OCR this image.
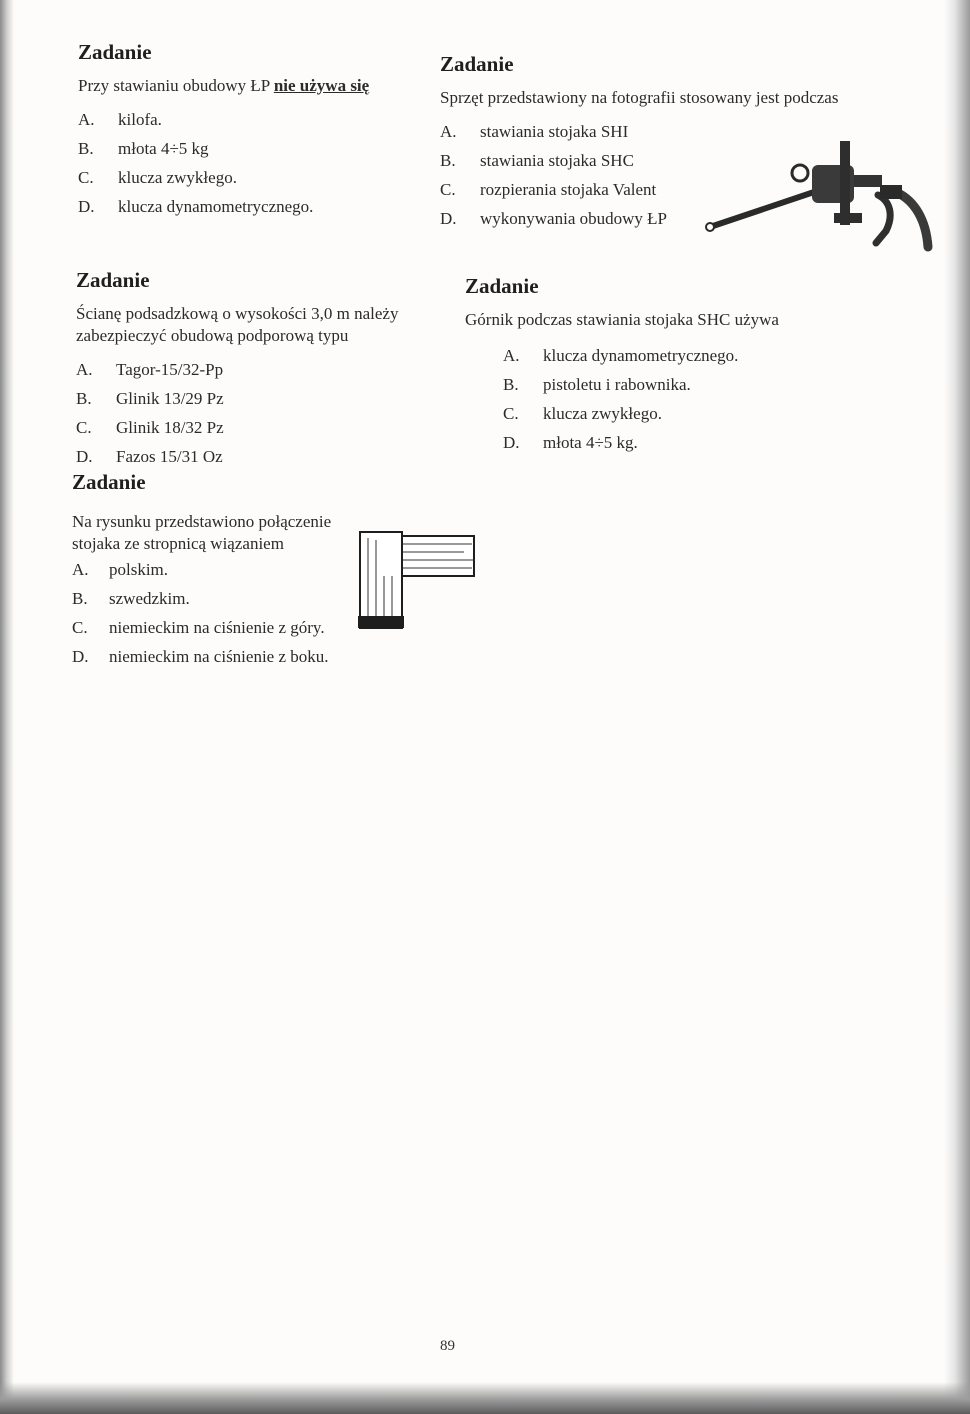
Zadanie

Przy stawianiu obudowy ŁP nie używa się

A.	kilofa.
B.	młota 4÷5 kg
C.	klucza zwykłego.
D.	klucza dynamometrycznego.
Zadanie

Sprzęt przedstawiony na fotografii stosowany jest podczas

A.	stawiania stojaka SHI
B.	stawiania stojaka SHC
C.	rozpierania stojaka Valent
D.	wykonywania obudowy ŁP
Zadanie

Ścianę podsadzkową o wysokości 3,0 m należy zabezpieczyć obudową podporową typu

A.	Tagor-15/32-Pp
B.	Glinik 13/29 Pz
C.	Glinik 18/32 Pz
D.	Fazos 15/31 Oz
Zadanie

Górnik podczas stawiania stojaka SHC używa

A.	klucza dynamometrycznego.
B.	pistoletu i rabownika.
C.	klucza zwykłego.
D.	młota 4÷5 kg.
Zadanie

Na rysunku przedstawiono połączenie stojaka ze stropnicą wiązaniem

A.	polskim.
B.	szwedzkim.
C.	niemieckim na ciśnienie z góry.
D.	niemieckim na ciśnienie z boku.
89
